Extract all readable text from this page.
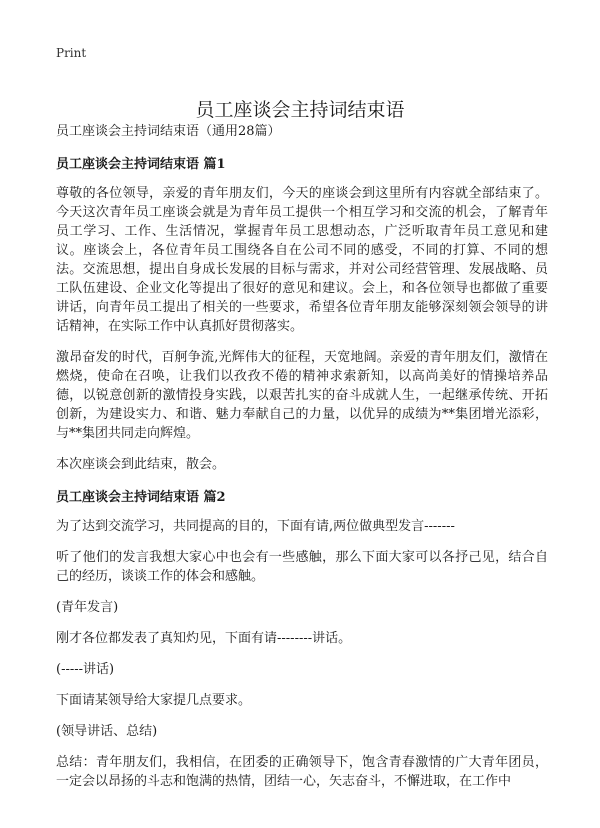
Print
员工座谈会主持词结束语

员工座谈会主持词结束语（通用28篇）

员工座谈会主持词结束语 篇1

尊敬的各位领导，亲爱的青年朋友们，今天的座谈会到这里所有内容就全部结束了。今天这次青年员工座谈会就是为青年员工提供一个相互学习和交流的机会，了解青年员工学习、工作、生活情况，掌握青年员工思想动态，广泛听取青年员工意见和建议。座谈会上，各位青年员工围绕各自在公司不同的感受，不同的打算、不同的想法。交流思想，提出自身成长发展的目标与需求，并对公司经营管理、发展战略、员工队伍建设、企业文化等提出了很好的意见和建议。会上，和各位领导也都做了重要讲话，向青年员工提出了相关的一些要求，希望各位青年朋友能够深刻领会领导的讲话精神，在实际工作中认真抓好贯彻落实。

激昂奋发的时代，百舸争流,光辉伟大的征程，天宽地阔。亲爱的青年朋友们，激情在燃烧，使命在召唤，让我们以孜孜不倦的精神求索新知，以高尚美好的情操培养品德，以锐意创新的激情投身实践，以艰苦扎实的奋斗成就人生，一起继承传统、开拓创新，为建设实力、和谐、魅力奉献自己的力量，以优异的成绩为**集团增光添彩，与**集团共同走向辉煌。

本次座谈会到此结束，散会。

员工座谈会主持词结束语 篇2

为了达到交流学习，共同提高的目的，下面有请,两位做典型发言-------

听了他们的发言我想大家心中也会有一些感触，那么下面大家可以各抒己见，结合自己的经历，谈谈工作的体会和感触。

(青年发言)

刚才各位都发表了真知灼见，下面有请--------讲话。

(-----讲话)

下面请某领导给大家提几点要求。

(领导讲话、总结)

总结：青年朋友们，我相信，在团委的正确领导下，饱含青春激情的广大青年团员，一定会以昂扬的斗志和饱满的热情，团结一心，矢志奋斗，不懈进取，在工作中
